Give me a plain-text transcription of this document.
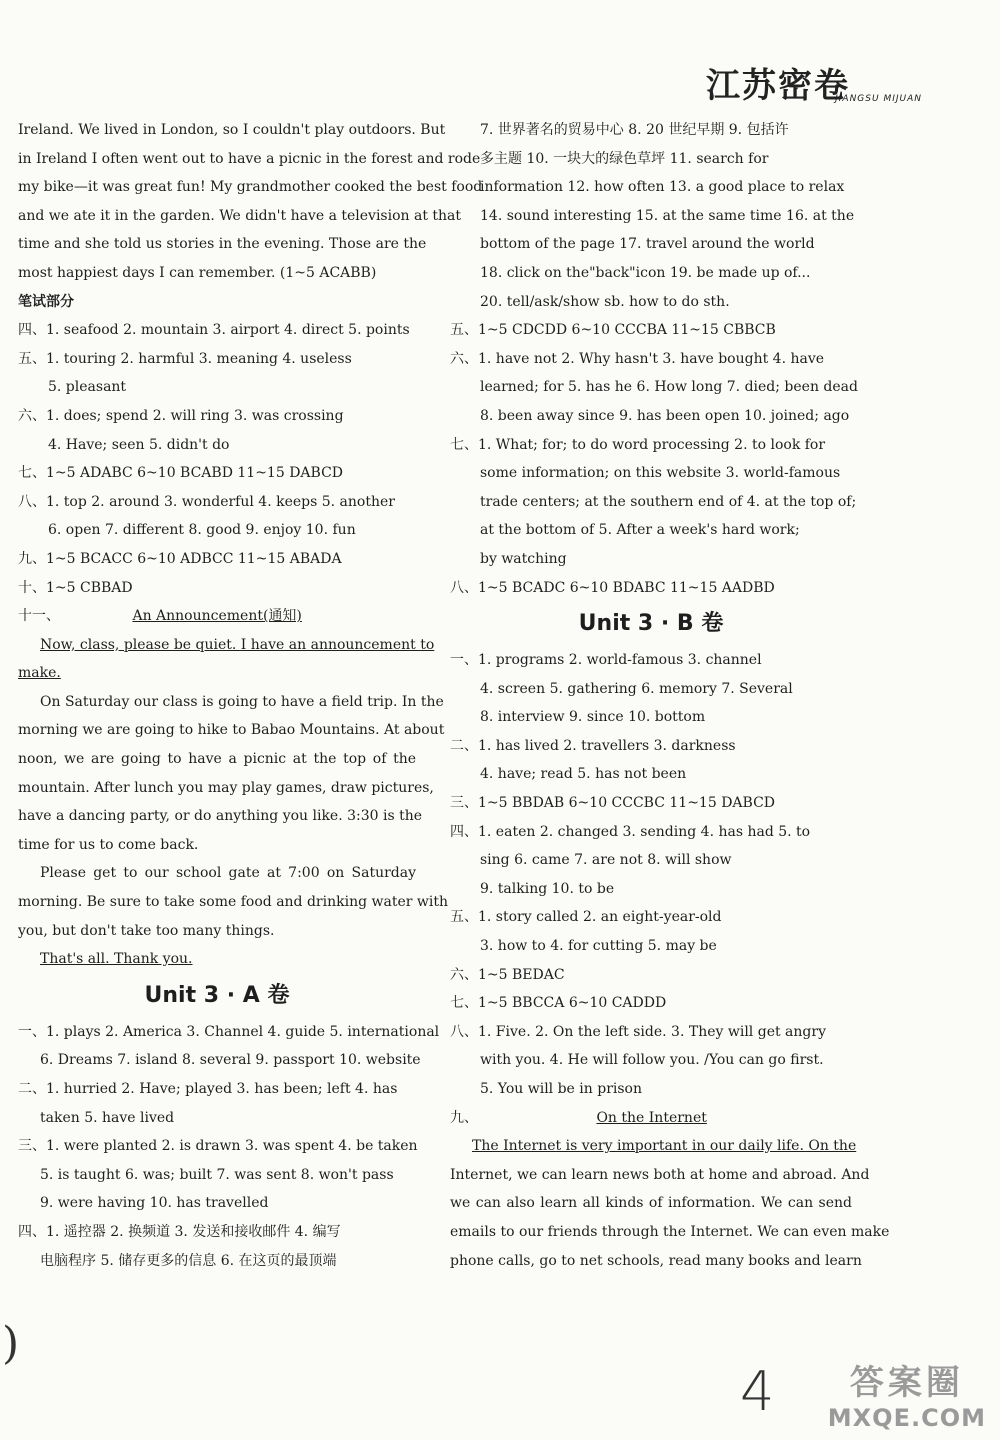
江苏密卷
JIANGSU MIJUAN
Ireland. We lived in London, so I couldn't play outdoors. But
in Ireland I often went out to have a picnic in the forest and rode
my bike—it was great fun! My grandmother cooked the best food
and we ate it in the garden. We didn't have a television at that
time and she told us stories in the evening. Those are the
most happiest days I can remember. (1~5 ACABB)
笔试部分
四、1. seafood 2. mountain 3. airport 4. direct 5. points
五、1. touring 2. harmful 3. meaning 4. useless
5. pleasant
六、1. does; spend 2. will ring 3. was crossing
4. Have; seen 5. didn't do
七、1~5 ADABC 6~10 BCABD 11~15 DABCD
八、1. top 2. around 3. wonderful 4. keeps 5. another
6. open 7. different 8. good 9. enjoy 10. fun
九、1~5 BCACC 6~10 ADBCC 11~15 ABADA
十、1~5 CBBAD
十一、	An Announcement(通知)
Now, class, please be quiet. I have an announcement to
make.
On Saturday our class is going to have a field trip. In the
morning we are going to hike to Babao Mountains. At about
noon, we are going to have a picnic at the top of the
mountain. After lunch you may play games, draw pictures,
have a dancing party, or do anything you like. 3:30 is the
time for us to come back.
Please get to our school gate at 7:00 on Saturday
morning. Be sure to take some food and drinking water with
you, but don't take too many things.
That's all. Thank you.
Unit 3 · A 卷
一、1. plays 2. America 3. Channel 4. guide 5. international
6. Dreams 7. island 8. several 9. passport 10. website
二、1. hurried 2. Have; played 3. has been; left 4. has
taken 5. have lived
三、1. were planted 2. is drawn 3. was spent 4. be taken
5. is taught 6. was; built 7. was sent 8. won't pass
9. were having 10. has travelled
四、1. 遥控器 2. 换频道 3. 发送和接收邮件 4. 编写
电脑程序 5. 储存更多的信息 6. 在这页的最顶端
7. 世界著名的贸易中心 8. 20 世纪早期 9. 包括许
多主题 10. 一块大的绿色草坪 11. search for
information 12. how often 13. a good place to relax
14. sound interesting 15. at the same time 16. at the
bottom of the page 17. travel around the world
18. click on the"back"icon 19. be made up of...
20. tell/ask/show sb. how to do sth.
五、1~5 CDCDD 6~10 CCCBA 11~15 CBBCB
六、1. have not 2. Why hasn't 3. have bought 4. have
learned; for 5. has he 6. How long 7. died; been dead
8. been away since 9. has been open 10. joined; ago
七、1. What; for; to do word processing 2. to look for
some information; on this website 3. world-famous
trade centers; at the southern end of 4. at the top of;
at the bottom of 5. After a week's hard work;
by watching
八、1~5 BCADC 6~10 BDABC 11~15 AADBD
Unit 3 · B 卷
一、1. programs 2. world-famous 3. channel
4. screen 5. gathering 6. memory 7. Several
8. interview 9. since 10. bottom
二、1. has lived 2. travellers 3. darkness
4. have; read 5. has not been
三、1~5 BBDAB 6~10 CCCBC 11~15 DABCD
四、1. eaten 2. changed 3. sending 4. has had 5. to
sing 6. came 7. are not 8. will show
9. talking 10. to be
五、1. story called 2. an eight-year-old
3. how to 4. for cutting 5. may be
六、1~5 BEDAC
七、1~5 BBCCA 6~10 CADDD
八、1. Five. 2. On the left side. 3. They will get angry
with you. 4. He will follow you. /You can go first.
5. You will be in prison
九、	On the Internet
The Internet is very important in our daily life. On the
Internet, we can learn news both at home and abroad. And
we can also learn all kinds of information. We can send
emails to our friends through the Internet. We can even make
phone calls, go to net schools, read many books and learn
)
4	答案圈
MXQE.COM
